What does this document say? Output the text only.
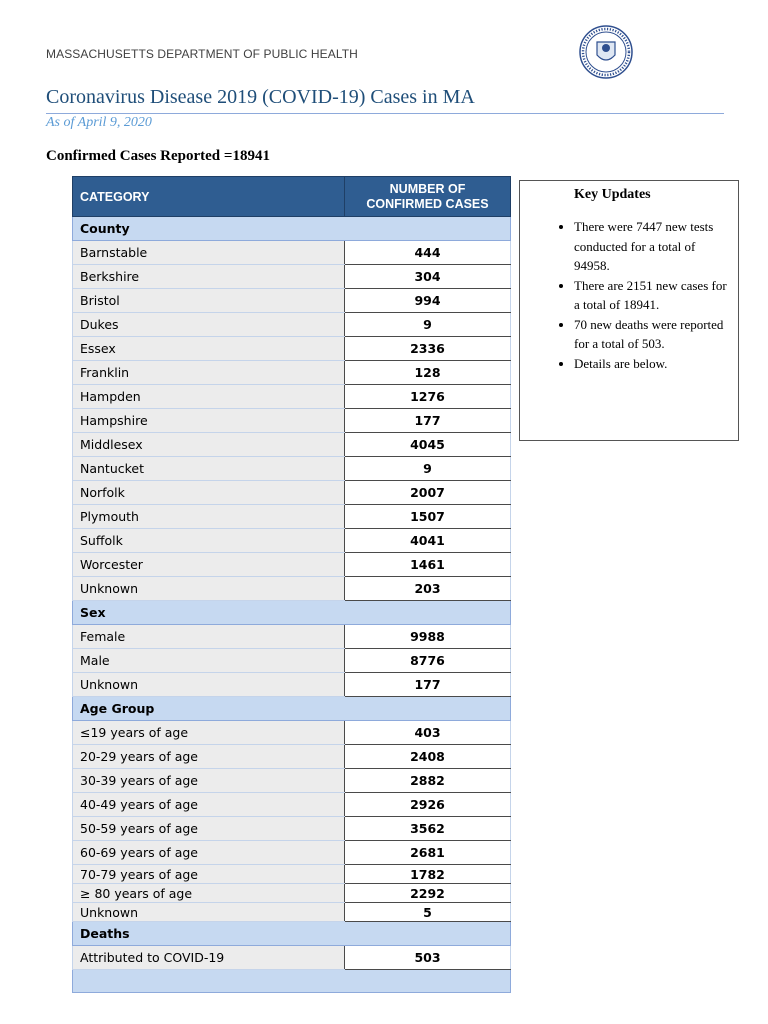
MASSACHUSETTS DEPARTMENT OF PUBLIC HEALTH
Coronavirus Disease 2019 (COVID-19) Cases in MA
As of April 9, 2020
Confirmed Cases Reported =18941
CATEGORY	NUMBER OF
CONFIRMED CASES
County	
Barnstable	444
Berkshire	304
Bristol	994
Dukes	9
Essex	2336
Franklin	128
Hampden	1276
Hampshire	177
Middlesex	4045
Nantucket	9
Norfolk	2007
Plymouth	1507
Suffolk	4041
Worcester	1461
Unknown	203
Sex	
Female	9988
Male	8776
Unknown	177
Age Group	
≤19 years of age	403
20-29 years of age	2408
30-39 years of age	2882
40-49 years of age	2926
50-59 years of age	3562
60-69 years of age	2681
70-79 years of age	1782
≥ 80 years of age	2292
Unknown	5
Deaths	
Attributed to COVID-19	503

Key Updates
• There were 7447 new tests conducted for a total of 94958.
• There are 2151 new cases for a total of 18941.
• 70 new deaths were reported for a total of 503.
• Details are below.
